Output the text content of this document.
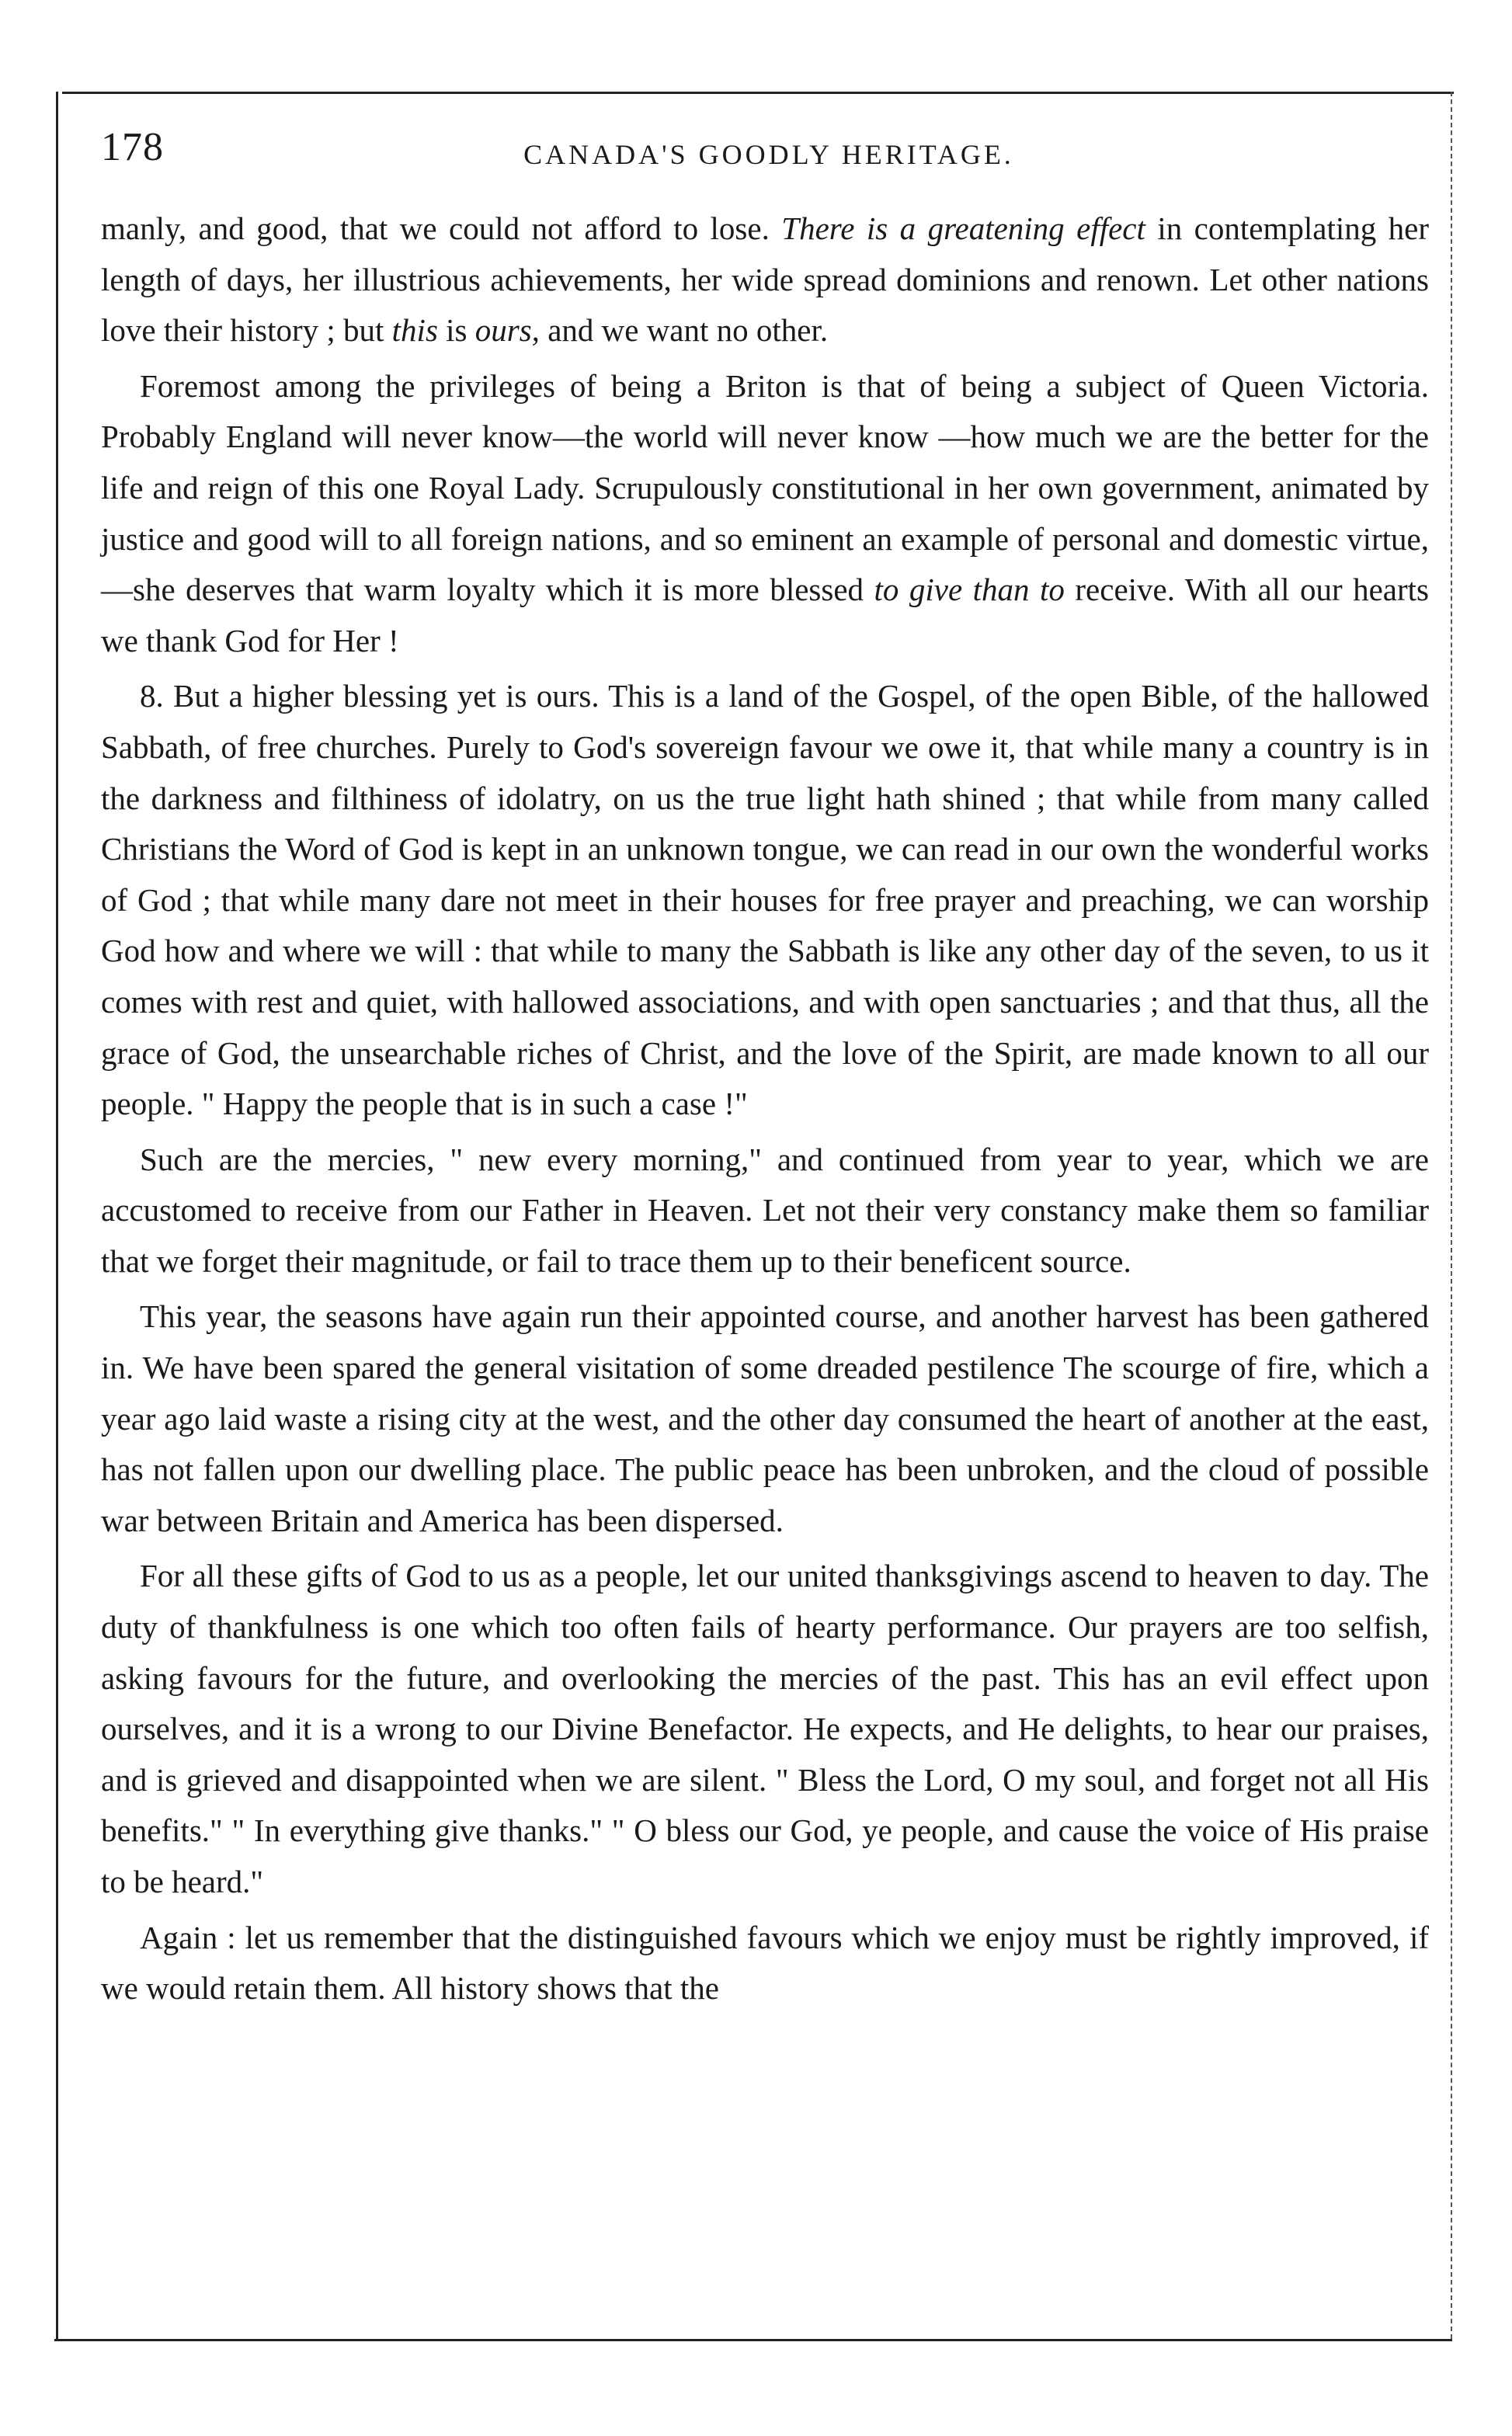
178	CANADA'S GOODLY HERITAGE.

manly, and good, that we could not afford to lose. There is a greatening effect in contemplating her length of days, her illustrious achievements, her wide spread dominions and renown. Let other nations love their history ; but this is ours, and we want no other.

Foremost among the privileges of being a Briton is that of being a subject of Queen Victoria. Probably England will never know—the world will never know —how much we are the better for the life and reign of this one Royal Lady. Scrupulously constitutional in her own government, animated by justice and good will to all foreign nations, and so eminent an example of personal and domestic virtue,—she deserves that warm loyalty which it is more blessed to give than to receive. With all our hearts we thank God for Her !

8. But a higher blessing yet is ours. This is a land of the Gospel, of the open Bible, of the hallowed Sabbath, of free churches. Purely to God's sovereign favour we owe it, that while many a country is in the darkness and filthiness of idolatry, on us the true light hath shined ; that while from many called Christians the Word of God is kept in an unknown tongue, we can read in our own the wonderful works of God ; that while many dare not meet in their houses for free prayer and preaching, we can worship God how and where we will : that while to many the Sabbath is like any other day of the seven, to us it comes with rest and quiet, with hallowed associations, and with open sanctuaries ; and that thus, all the grace of God, the unsearchable riches of Christ, and the love of the Spirit, are made known to all our people. " Happy the people that is in such a case !"

Such are the mercies, " new every morning," and continued from year to year, which we are accustomed to receive from our Father in Heaven. Let not their very constancy make them so familiar that we forget their magnitude, or fail to trace them up to their beneficent source.

This year, the seasons have again run their appointed course, and another harvest has been gathered in. We have been spared the general visitation of some dreaded pestilence The scourge of fire, which a year ago laid waste a rising city at the west, and the other day consumed the heart of another at the east, has not fallen upon our dwelling place. The public peace has been unbroken, and the cloud of possible war between Britain and America has been dispersed.

For all these gifts of God to us as a people, let our united thanksgivings ascend to heaven to day. The duty of thankfulness is one which too often fails of hearty performance. Our prayers are too selfish, asking favours for the future, and overlooking the mercies of the past. This has an evil effect upon ourselves, and it is a wrong to our Divine Benefactor. He expects, and He delights, to hear our praises, and is grieved and disappointed when we are silent. " Bless the Lord, O my soul, and forget not all His benefits." " In everything give thanks." " O bless our God, ye people, and cause the voice of His praise to be heard."

Again : let us remember that the distinguished favours which we enjoy must be rightly improved, if we would retain them. All history shows that the
